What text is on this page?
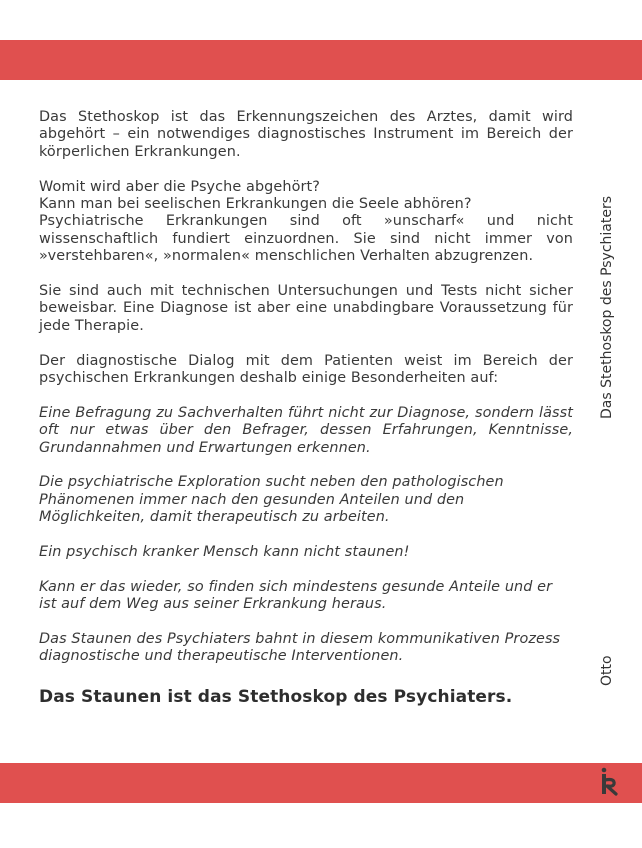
Das Stethoskop ist das Erkennungszeichen des Arztes, damit wird abgehört – ein notwendiges diagnostisches Instrument im Bereich der körperlichen Erkrankungen.

Womit wird aber die Psyche abgehört?
Kann man bei seelischen Erkrankungen die Seele abhören?

Psychiatrische Erkrankungen sind oft »unscharf« und nicht wissenschaftlich fundiert einzuordnen. Sie sind nicht immer von »verstehbaren«, »normalen« menschlichen Verhalten abzugrenzen.

Sie sind auch mit technischen Untersuchungen und Tests nicht sicher beweisbar. Eine Diagnose ist aber eine unabdingbare Voraussetzung für jede Therapie.

Der diagnostische Dialog mit dem Patienten weist im Bereich der psychischen Erkrankungen deshalb einige Besonderheiten auf:

Eine Befragung zu Sachverhalten führt nicht zur Diagnose, sondern lässt oft nur etwas über den Befrager, dessen Erfahrungen, Kenntnisse, Grundannahmen und Erwartungen erkennen.

Die psychiatrische Exploration sucht neben den pathologischen Phänomenen immer nach den gesunden Anteilen und den Möglichkeiten, damit therapeutisch zu arbeiten.

Ein psychisch kranker Mensch kann nicht staunen!

Kann er das wieder, so finden sich mindestens gesunde Anteile und er ist auf dem Weg aus seiner Erkrankung heraus.

Das Staunen des Psychiaters bahnt in diesem kommunikativen Prozess diagnostische und therapeutische Interventionen.

Das Staunen ist das Stethoskop des Psychiaters.

Das Stethoskop des Psychiaters
Otto
